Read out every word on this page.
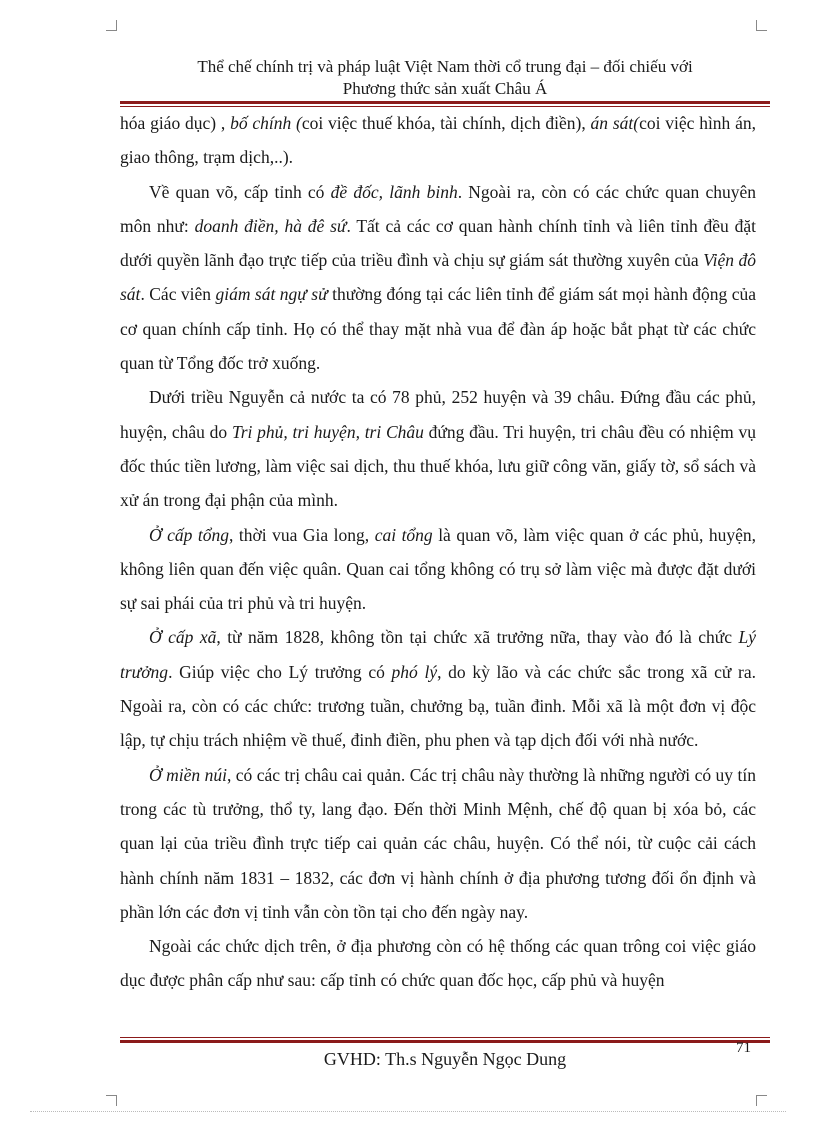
Thể chế chính trị và pháp luật Việt Nam thời cổ trung đại – đối chiếu với
Phương thức sản xuất Châu Á

hóa giáo dục) , bố chính (coi việc thuế khóa, tài chính, dịch điền), án sát(coi việc hình án, giao thông, trạm dịch,..).

Về quan võ, cấp tỉnh có đề đốc, lãnh binh. Ngoài ra, còn có các chức quan chuyên môn như: doanh điền, hà đê sứ. Tất cả các cơ quan hành chính tỉnh và liên tỉnh đều đặt dưới quyền lãnh đạo trực tiếp của triều đình và chịu sự giám sát thường xuyên của Viện đô sát. Các viên giám sát ngự sử thường đóng tại các liên tỉnh để giám sát mọi hành động của cơ quan chính cấp tỉnh. Họ có thể thay mặt nhà vua để đàn áp hoặc bắt phạt từ các chức quan từ Tổng đốc trở xuống.

Dưới triều Nguyễn cả nước ta có 78 phủ, 252 huyện và 39 châu. Đứng đầu các phủ, huyện, châu do Tri phủ, tri huyện, tri Châu đứng đầu. Tri huyện, tri châu đều có nhiệm vụ đốc thúc tiền lương, làm việc sai dịch, thu thuế khóa, lưu giữ công văn, giấy tờ, sổ sách và xử án trong đại phận của mình.

Ở cấp tổng, thời vua Gia long, cai tổng là quan võ, làm việc quan ở các phủ, huyện, không liên quan đến việc quân. Quan cai tổng không có trụ sở làm việc mà được đặt dưới sự sai phái của tri phủ và tri huyện.

Ở cấp xã, từ năm 1828, không tồn tại chức xã trưởng nữa, thay vào đó là chức Lý trưởng. Giúp việc cho Lý trưởng có phó lý, do kỳ lão và các chức sắc trong xã cử ra. Ngoài ra, còn có các chức: trương tuần, chưởng bạ, tuần đinh. Mỗi xã là một đơn vị độc lập, tự chịu trách nhiệm về thuế, đinh điền, phu phen và tạp dịch đối với nhà nước.

Ở miền núi, có các trị châu cai quản. Các trị châu này thường là những người có uy tín trong các tù trưởng, thổ ty, lang đạo. Đến thời Minh Mệnh, chế độ quan bị xóa bỏ, các quan lại của triều đình trực tiếp cai quản các châu, huyện. Có thể nói, từ cuộc cải cách hành chính năm 1831 – 1832, các đơn vị hành chính ở địa phương tương đối ổn định và phần lớn các đơn vị tỉnh vẫn còn tồn tại cho đến ngày nay.

Ngoài các chức dịch trên, ở địa phương còn có hệ thống các quan trông coi việc giáo dục được phân cấp như sau: cấp tỉnh có chức quan đốc học, cấp phủ và huyện

71
GVHD: Th.s Nguyễn Ngọc Dung
